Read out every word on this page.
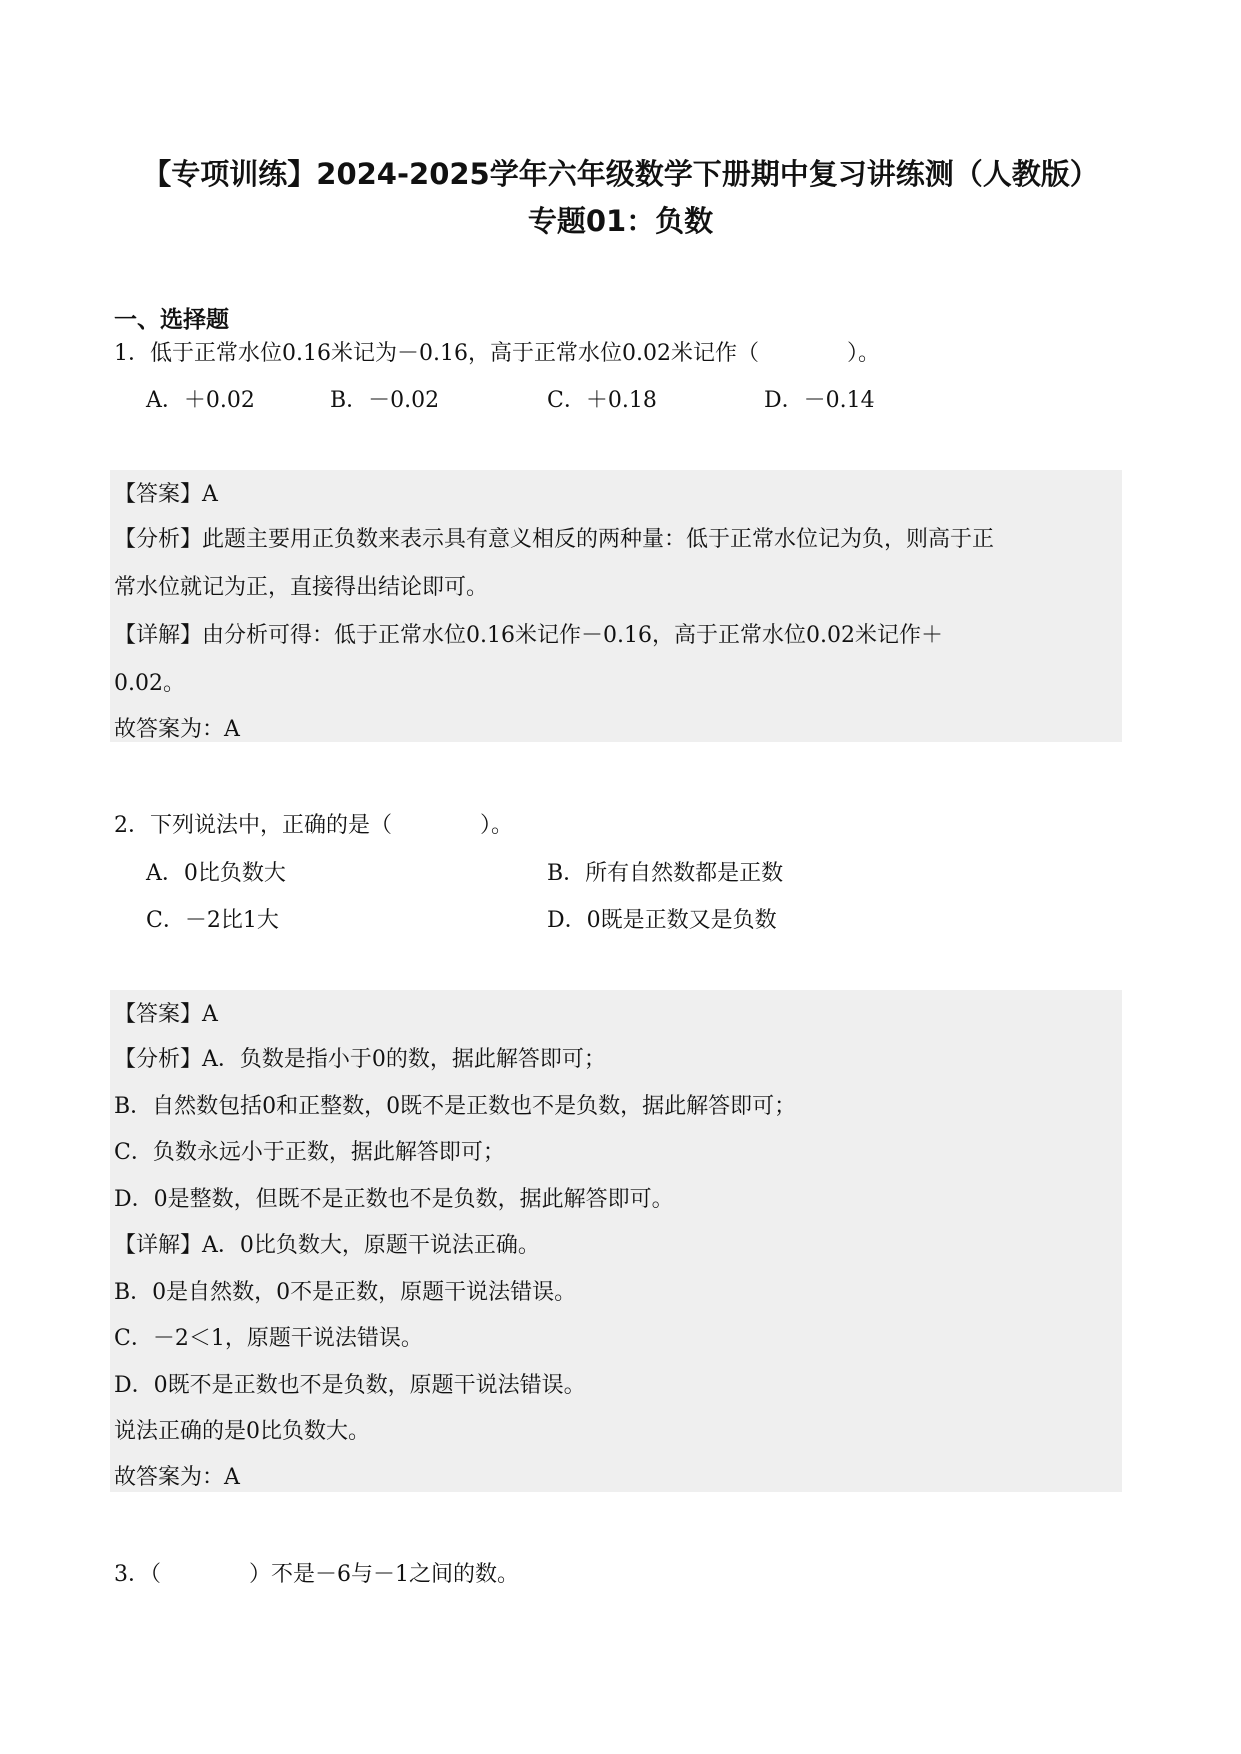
【专项训练】2024-2025学年六年级数学下册期中复习讲练测（人教版）
专题01：负数
一、选择题
1．低于正常水位0.16米记为－0.16，高于正常水位0.02米记作（　　　　）。
A．＋0.02	B．－0.02	C．＋0.18	D．－0.14
【答案】A
【分析】此题主要用正负数来表示具有意义相反的两种量：低于正常水位记为负，则高于正
常水位就记为正，直接得出结论即可。
【详解】由分析可得：低于正常水位0.16米记作－0.16，高于正常水位0.02米记作＋
0.02。
故答案为：A
2．下列说法中，正确的是（　　　　）。
A．0比负数大	B．所有自然数都是正数
C．－2比1大	D．0既是正数又是负数
【答案】A
【分析】A．负数是指小于0的数，据此解答即可；
B．自然数包括0和正整数，0既不是正数也不是负数，据此解答即可；
C．负数永远小于正数，据此解答即可；
D．0是整数，但既不是正数也不是负数，据此解答即可。
【详解】A．0比负数大，原题干说法正确。
B．0是自然数，0不是正数，原题干说法错误。
C．－2＜1，原题干说法错误。
D．0既不是正数也不是负数，原题干说法错误。
说法正确的是0比负数大。
故答案为：A
3．（　　　　）不是－6与－1之间的数。
